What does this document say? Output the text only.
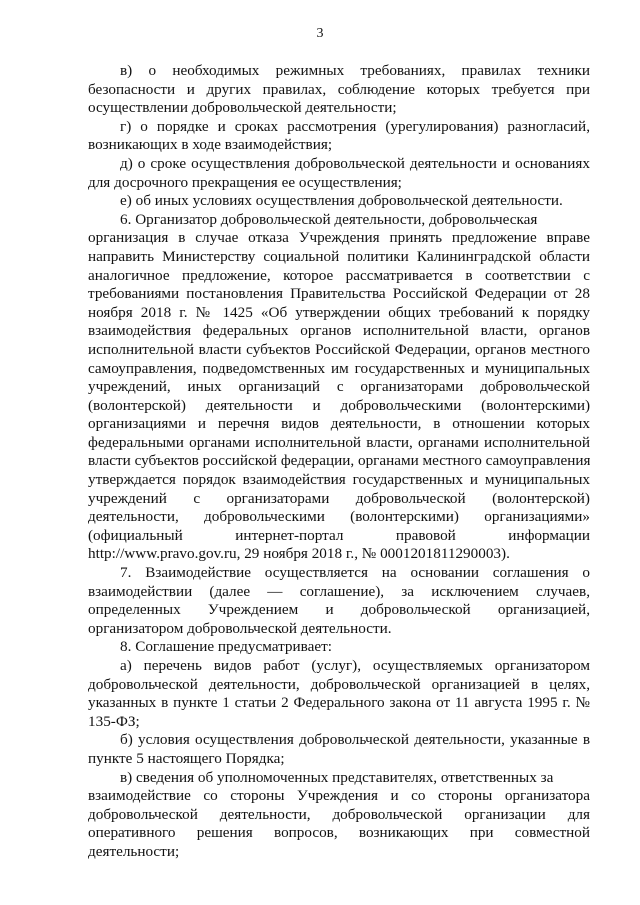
3
в) о необходимых режимных требованиях, правилах техники
безопасности и других правилах, соблюдение которых требуется при
осуществлении добровольческой деятельности;
г) о порядке и сроках рассмотрения (урегулирования) разногласий,
возникающих в ходе взаимодействия;
д) о сроке осуществления добровольческой деятельности и основаниях
для досрочного прекращения ее осуществления;
е) об иных условиях осуществления добровольческой деятельности.
6. Организатор добровольческой деятельности, добровольческая
организация в случае отказа Учреждения принять предложение вправе
направить Министерству социальной политики Калининградской области
аналогичное предложение, которое рассматривается в соответствии с
требованиями постановления Правительства Российской Федерации от 28
ноября 2018 г. № 1425 «Об утверждении общих требований к порядку
взаимодействия федеральных органов исполнительной власти, органов
исполнительной власти субъектов Российской Федерации, органов местного
самоуправления, подведомственных им государственных и муниципальных
учреждений, иных организаций с организаторами добровольческой
(волонтерской) деятельности и добровольческими (волонтерскими)
организациями и перечня видов деятельности, в отношении которых
федеральными органами исполнительной власти, органами исполнительной
власти субъектов российской федерации, органами местного самоуправления
утверждается порядок взаимодействия государственных и муниципальных
учреждений с организаторами добровольческой (волонтерской)
деятельности, добровольческими (волонтерскими) организациями»
(официальный интернет-портал правовой информации
http://www.pravo.gov.ru, 29 ноября 2018 г., № 0001201811290003).
7. Взаимодействие осуществляется на основании соглашения о
взаимодействии (далее — соглашение), за исключением случаев,
определенных Учреждением и добровольческой организацией,
организатором добровольческой деятельности.
8. Соглашение предусматривает:
а) перечень видов работ (услуг), осуществляемых организатором
добровольческой деятельности, добровольческой организацией в целях,
указанных в пункте 1 статьи 2 Федерального закона от 11 августа 1995 г. №
135-ФЗ;
б) условия осуществления добровольческой деятельности, указанные в
пункте 5 настоящего Порядка;
в) сведения об уполномоченных представителях, ответственных за
взаимодействие со стороны Учреждения и со стороны организатора
добровольческой деятельности, добровольческой организации для
оперативного решения вопросов, возникающих при совместной
деятельности;
